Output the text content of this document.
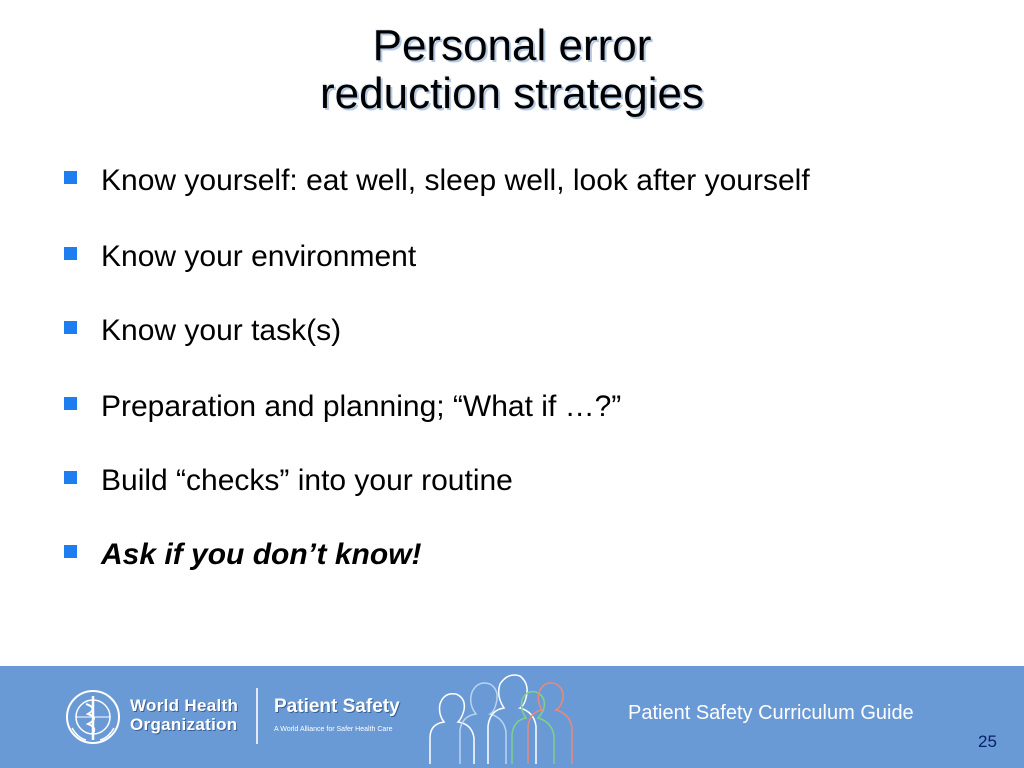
Personal error
reduction strategies
Know yourself: eat well, sleep well, look after yourself
Know your environment
Know your task(s)
Preparation and planning; “What if …?”
Build “checks” into your routine
Ask if you don’t know!
World Health
Organization
Patient Safety
A World Alliance for Safer Health Care
Patient Safety Curriculum Guide
25
